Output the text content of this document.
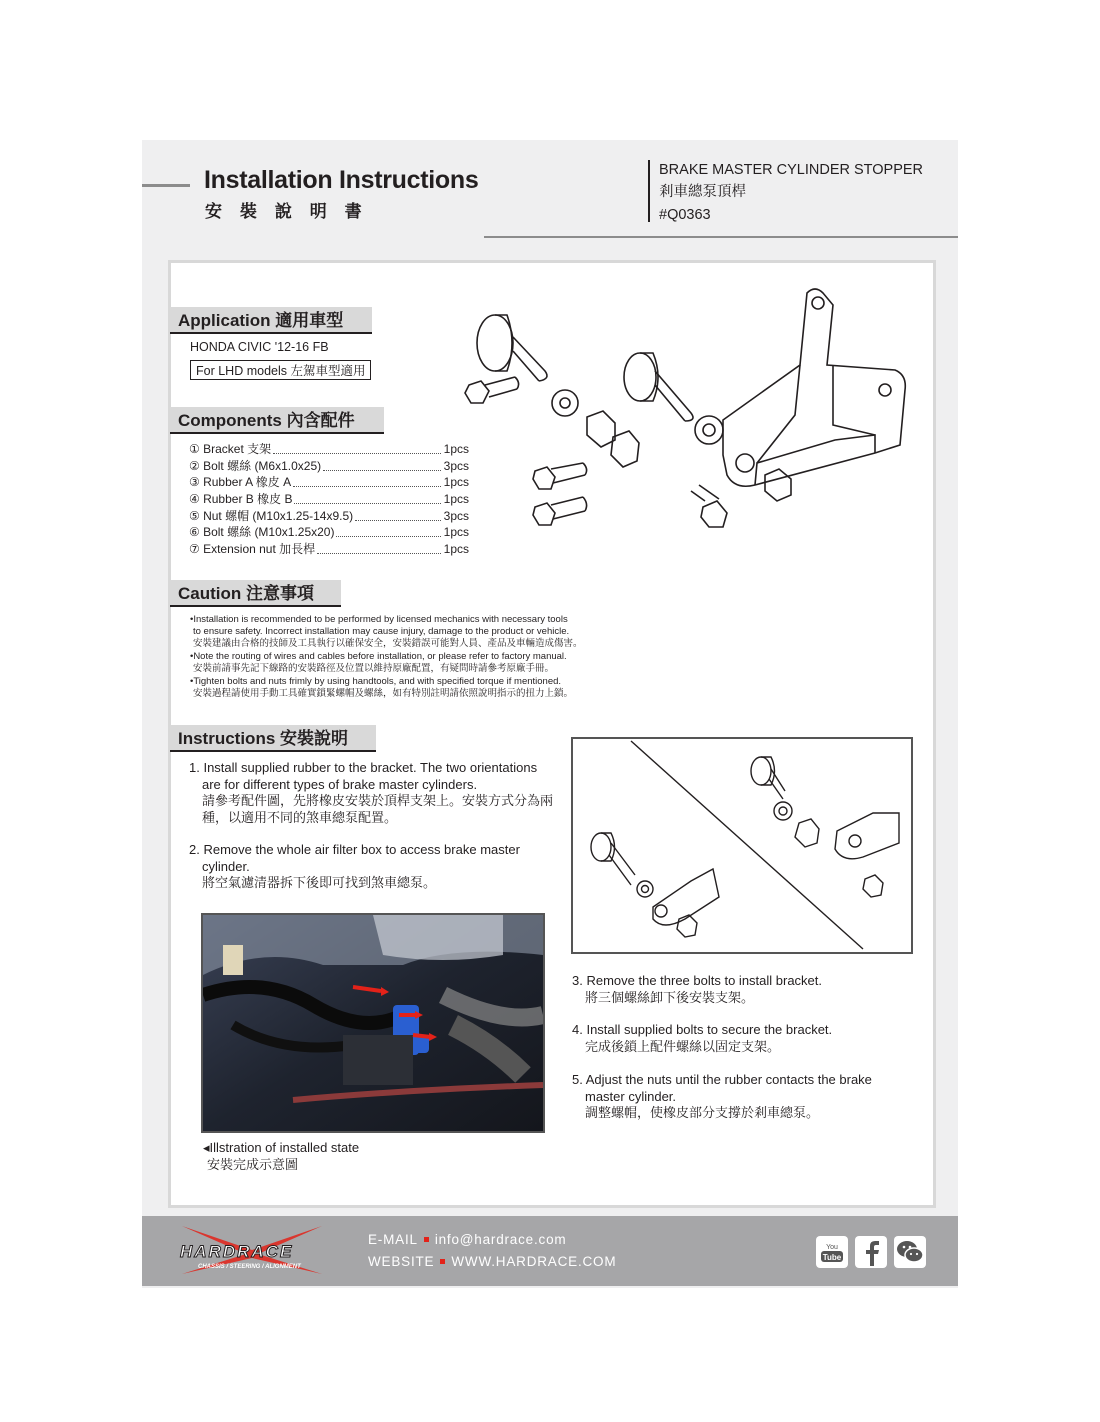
Installation Instructions
安 裝 說 明 書
BRAKE MASTER CYLINDER STOPPER
剎車總泵頂桿
#Q0363
Application 適用車型
HONDA CIVIC '12-16 FB
For LHD models 左駕車型適用
Components 內含配件
① Bracket 支架	1pcs
② Bolt 螺絲 (M6x1.0x25)	3pcs
③ Rubber A 橡皮 A	1pcs
④ Rubber B 橡皮 B	1pcs
⑤ Nut 螺帽 (M10x1.25-14x9.5)	3pcs
⑥ Bolt 螺絲 (M10x1.25x20)	1pcs
⑦ Extension nut 加長桿	1pcs
Caution 注意事項
•Installation is recommended to be performed by licensed mechanics with necessary tools
to ensure safety. Incorrect installation may cause injury, damage to the product or vehicle.
安裝建議由合格的技師及工具執行以確保安全，安裝錯誤可能對人員、產品及車輛造成傷害。
•Note the routing of wires and cables before installation, or please refer to factory manual.
安裝前請事先記下線路的安裝路徑及位置以維持原廠配置，有疑問時請參考原廠手冊。
•Tighten bolts and nuts frimly by using handtools, and with specified torque if mentioned.
安裝過程請使用手動工具確實鎖緊螺帽及螺絲，如有特別註明請依照說明指示的扭力上鎖。
Instructions 安裝說明
1. Install supplied rubber to the bracket. The two orientations
are for different types of brake master cylinders.
請參考配件圖，先將橡皮安裝於頂桿支架上。安裝方式分為兩
種，以適用不同的煞車總泵配置。
2. Remove the whole air filter box to access brake master
cylinder.
將空氣濾清器拆下後即可找到煞車總泵。
◂Illstration of installed state
安裝完成示意圖
3. Remove the three bolts to install bracket.
將三個螺絲卸下後安裝支架。
4. Install supplied bolts to secure the bracket.
完成後鎖上配件螺絲以固定支架。
5. Adjust the nuts until the rubber contacts the brake
master cylinder.
調整螺帽，使橡皮部分支撐於剎車總泵。
HARDRACE
CHASSIS / STEERING / ALIGNMENT
E-MAIL info@hardrace.com
WEBSITE WWW.HARDRACE.COM
You
Tube
